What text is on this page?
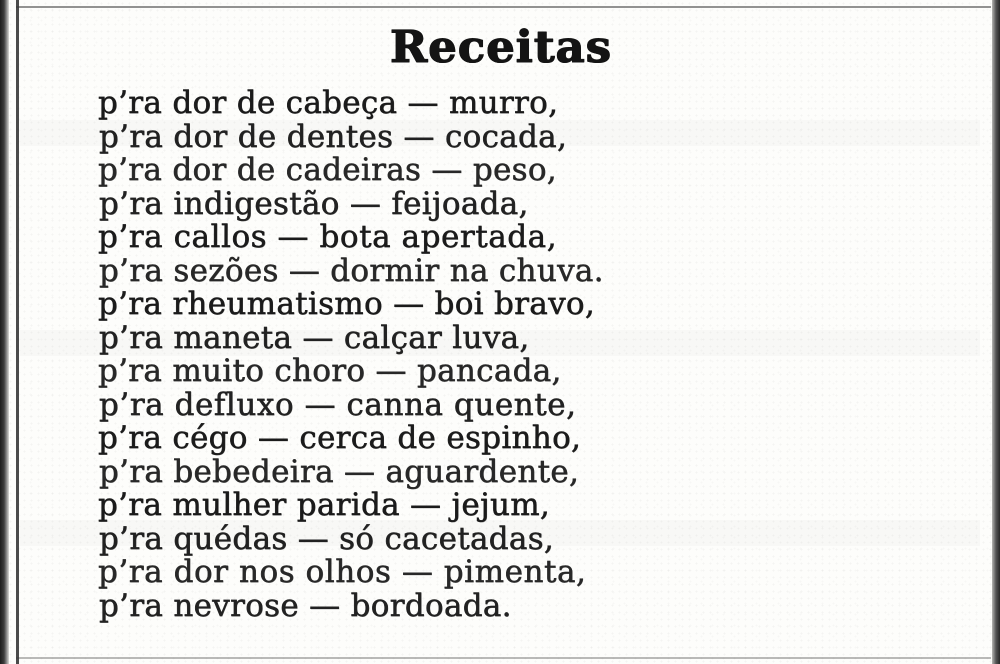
Receitas
p’ra dor de cabeça — murro,
p’ra dor de dentes — cocada,
p’ra dor de cadeiras — peso,
p’ra indigestão — feijoada,
p’ra callos — bota apertada,
p’ra sezões — dormir na chuva.
p’ra rheumatismo — boi bravo,
p’ra maneta — calçar luva,
p’ra muito choro — pancada,
p’ra defluxo — canna quente,
p’ra cégo — cerca de espinho,
p’ra bebedeira — aguardente,
p’ra mulher parida — jejum,
p’ra quédas — só cacetadas,
p’ra dor nos olhos — pimenta,
p’ra nevrose — bordoada.
